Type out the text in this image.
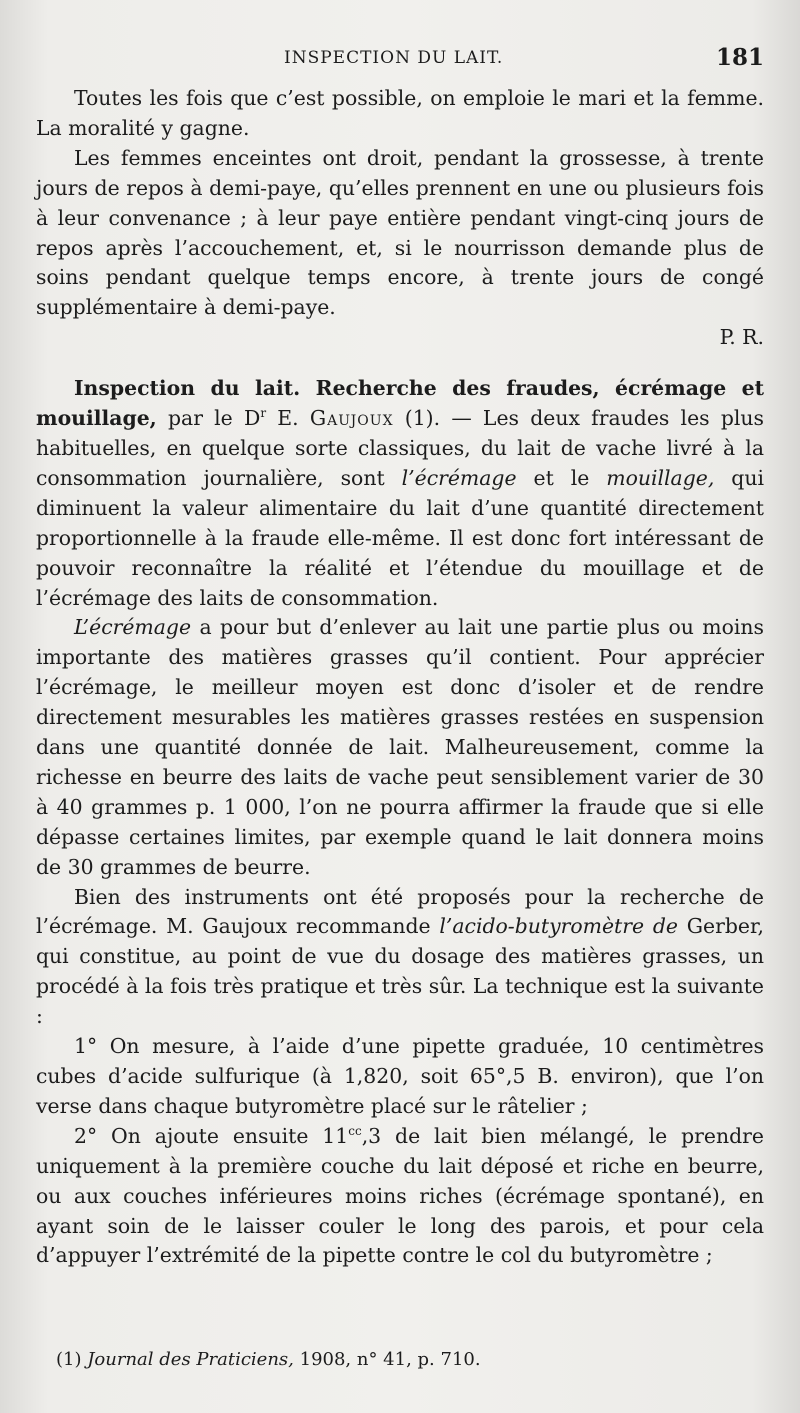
INSPECTION DU LAIT.	181

Toutes les fois que c’est possible, on emploie le mari et la femme. La moralité y gagne.

Les femmes enceintes ont droit, pendant la grossesse, à trente jours de repos à demi-paye, qu’elles prennent en une ou plusieurs fois à leur convenance ; à leur paye entière pendant vingt-cinq jours de repos après l’accouchement, et, si le nourrisson demande plus de soins pendant quelque temps encore, à trente jours de congé supplémentaire à demi-paye.

P. R.

Inspection du lait. Recherche des fraudes, écrémage et mouillage, par le $D^r$ E. Gaujoux (1). — Les deux fraudes les plus habituelles, en quelque sorte classiques, du lait de vache livré à la consommation journalière, sont l’écrémage et le mouillage, qui diminuent la valeur alimentaire du lait d’une quantité directement proportionnelle à la fraude elle-même. Il est donc fort intéressant de pouvoir reconnaître la réalité et l’étendue du mouillage et de l’écrémage des laits de consommation.

L’écrémage a pour but d’enlever au lait une partie plus ou moins importante des matières grasses qu’il contient. Pour apprécier l’écrémage, le meilleur moyen est donc d’isoler et de rendre directement mesurables les matières grasses restées en suspension dans une quantité donnée de lait. Malheureusement, comme la richesse en beurre des laits de vache peut sensiblement varier de 30 à 40 grammes p. 1 000, l’on ne pourra affirmer la fraude que si elle dépasse certaines limites, par exemple quand le lait donnera moins de 30 grammes de beurre.

Bien des instruments ont été proposés pour la recherche de l’écrémage. M. Gaujoux recommande l’acido-butyromètre de Gerber, qui constitue, au point de vue du dosage des matières grasses, un procédé à la fois très pratique et très sûr. La technique est la suivante :

1° On mesure, à l’aide d’une pipette graduée, 10 centimètres cubes d’acide sulfurique (à 1,820, soit 65°,5 B. environ), que l’on verse dans chaque butyromètre placé sur le râtelier ;

2° On ajoute ensuite $11^{cc},3$ de lait bien mélangé, le prendre uniquement à la première couche du lait déposé et riche en beurre, ou aux couches inférieures moins riches (écrémage spontané), en ayant soin de le laisser couler le long des parois, et pour cela d’appuyer l’extrémité de la pipette contre le col du butyromètre ;

(1) Journal des Praticiens, 1908, n° 41, p. 710.
